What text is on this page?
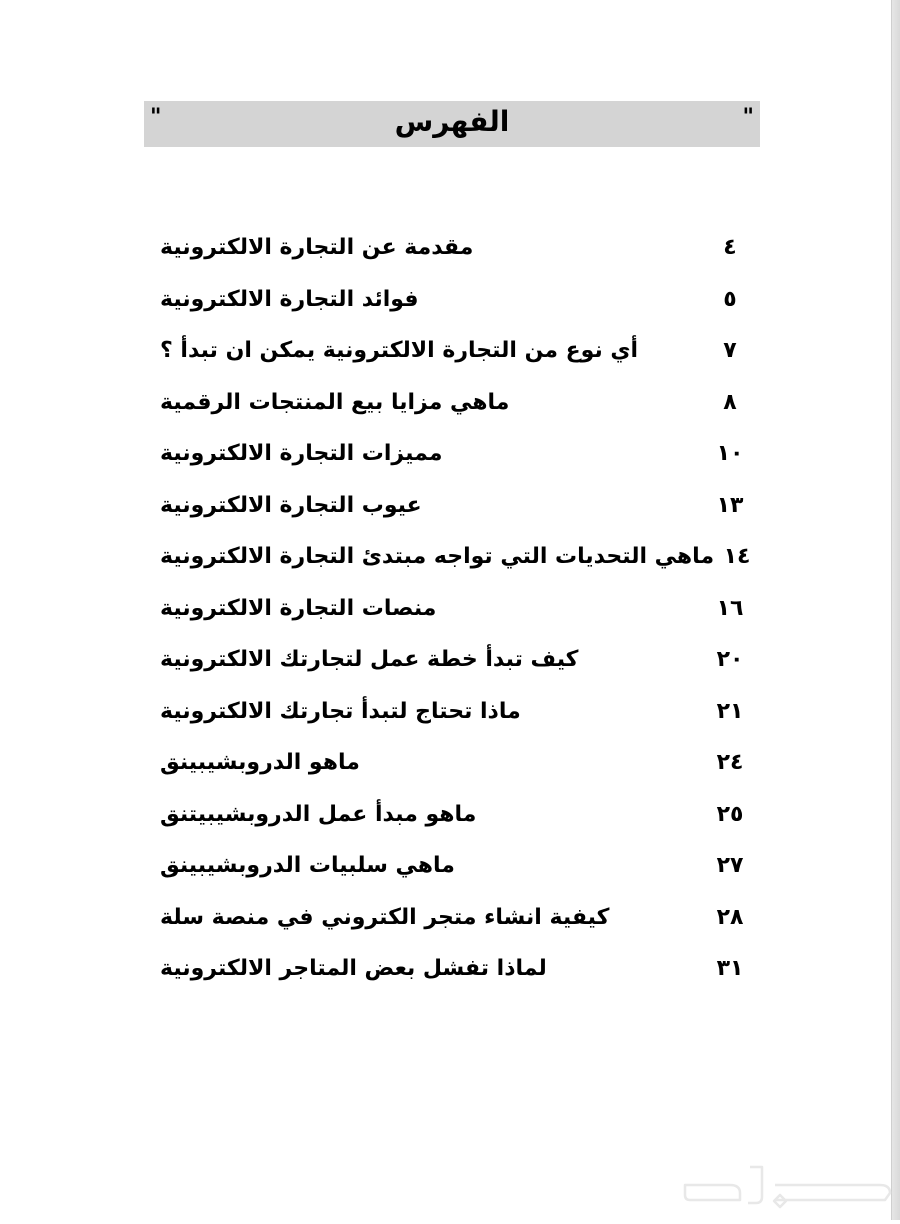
"
الفهرس
"
مقدمة عن التجارة الالكترونية	٤
فوائد التجارة الالكترونية	٥
أي نوع من التجارة الالكترونية يمكن ان تبدأ ؟	٧
ماهي مزايا بيع المنتجات الرقمية	٨
مميزات التجارة الالكترونية	١٠
عيوب التجارة الالكترونية	١٣
ماهي التحديات التي تواجه مبتدئ التجارة الالكترونية ١٤
منصات التجارة الالكترونية	١٦
كيف تبدأ خطة عمل لتجارتك الالكترونية	٢٠
ماذا تحتاج لتبدأ تجارتك الالكترونية	٢١
ماهو الدروبشيبينق	٢٤
ماهو مبدأ عمل الدروبشيبيتنق	٢٥
ماهي سلبيات الدروبشيبينق	٢٧
كيفية انشاء متجر الكتروني في منصة سلة	٢٨
لماذا تفشل بعض المتاجر الالكترونية	٣١
